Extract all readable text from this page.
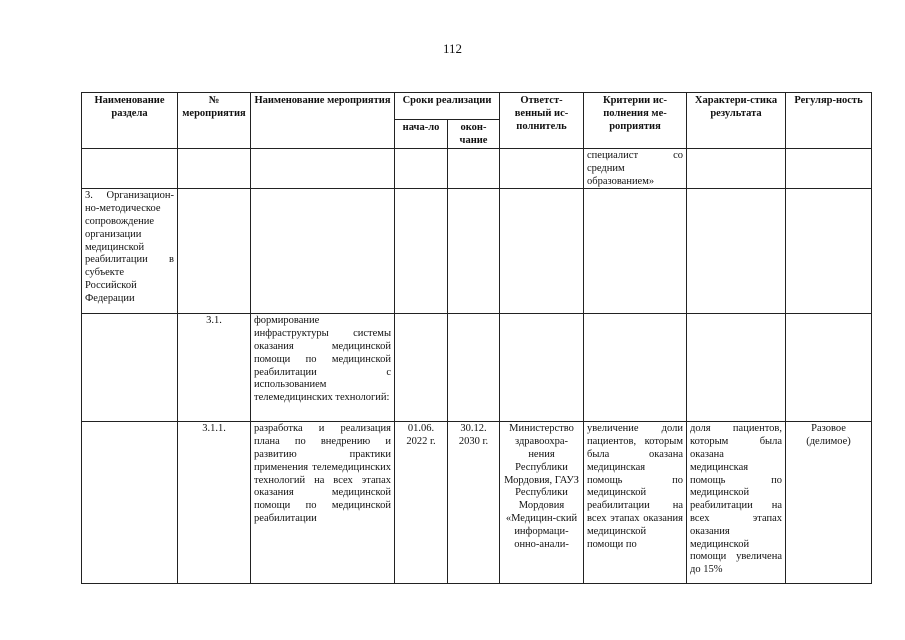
112
Наименование раздела	№ мероприятия	Наименование мероприятия	Сроки реализации		Ответст-венный ис-полнитель	Критерии ис-полнения ме-роприятия	Характери-стика результата	Регуляр-ность
			нача-ло	окон-чание				
						специалист со средним образованием»		
3. Организацион-но-методическое сопровождение организации медицинской реабилитации в субъекте Российской Федерации								
	3.1.	формирование инфраструктуры системы оказания медицинской помощи по медицинской реабилитации с использованием телемедицинских технологий:						
	3.1.1.	разработка и реализация плана по внедрению и развитию практики применения телемедицинских технологий на всех этапах оказания медицинской помощи по медицинской реабилитации	01.06. 2022 г.	30.12. 2030 г.	Министерство здравоохра-нения Республики Мордовия, ГАУЗ Республики Мордовия «Медицин-ский информаци-онно-анали-	увеличение доли пациентов, которым была оказана медицинская помощь по медицинской реабилитации на всех этапах оказания медицинской помощи по	доля пациентов, которым была оказана медицинская помощь по медицинской реабилитации на всех этапах оказания медицинской помощи увеличена до 15%	Разовое (делимое)
